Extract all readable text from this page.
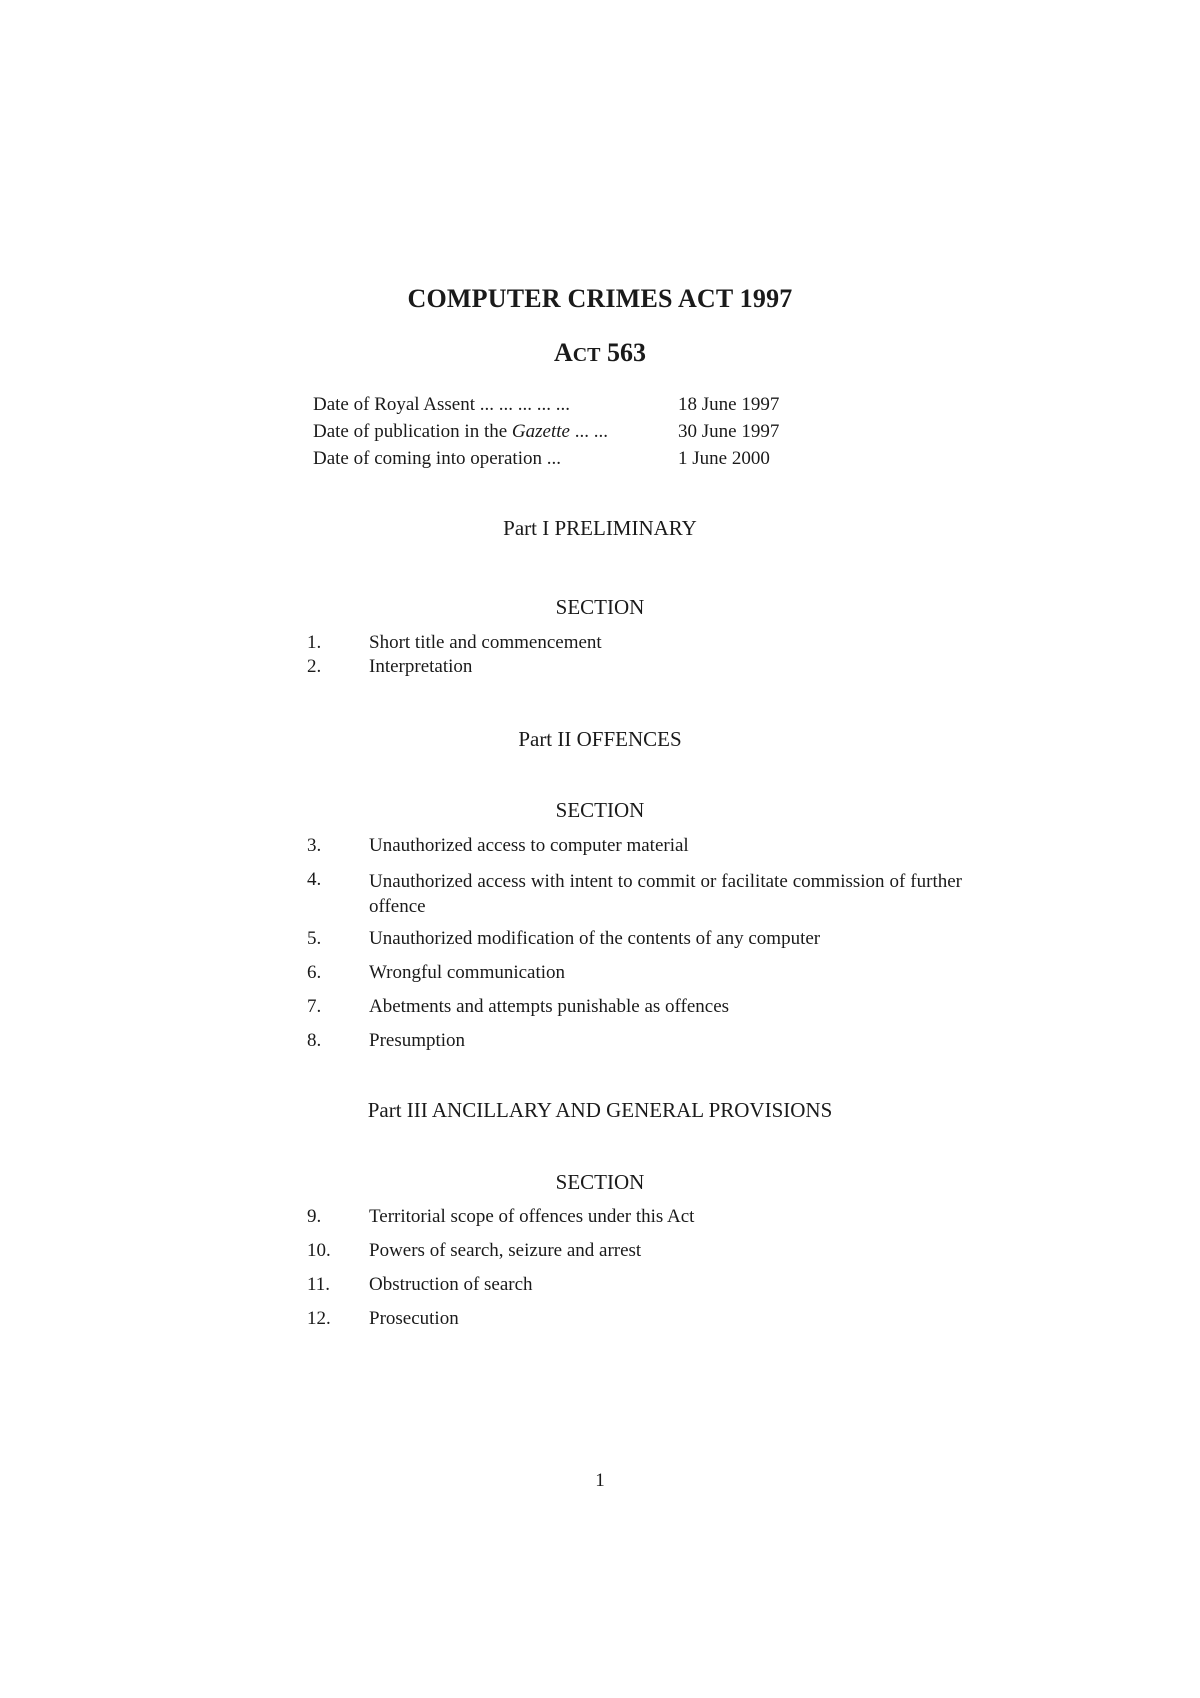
COMPUTER CRIMES ACT 1997
ACT 563
Date of Royal Assent ... ... ... ... ...	18 June 1997
Date of publication in the Gazette ... ...	30 June 1997
Date of coming into operation ...	1 June 2000
Part I PRELIMINARY
SECTION
1.	Short title and commencement
2.	Interpretation
Part II OFFENCES
SECTION
3.	Unauthorized access to computer material
4.	Unauthorized access with intent to commit or facilitate commission of further offence
5.	Unauthorized modification of the contents of any computer
6.	Wrongful communication
7.	Abetments and attempts punishable as offences
8.	Presumption
Part III ANCILLARY AND GENERAL PROVISIONS
SECTION
9.	Territorial scope of offences under this Act
10. Powers of search, seizure and arrest
11. Obstruction of search
12. Prosecution
1
